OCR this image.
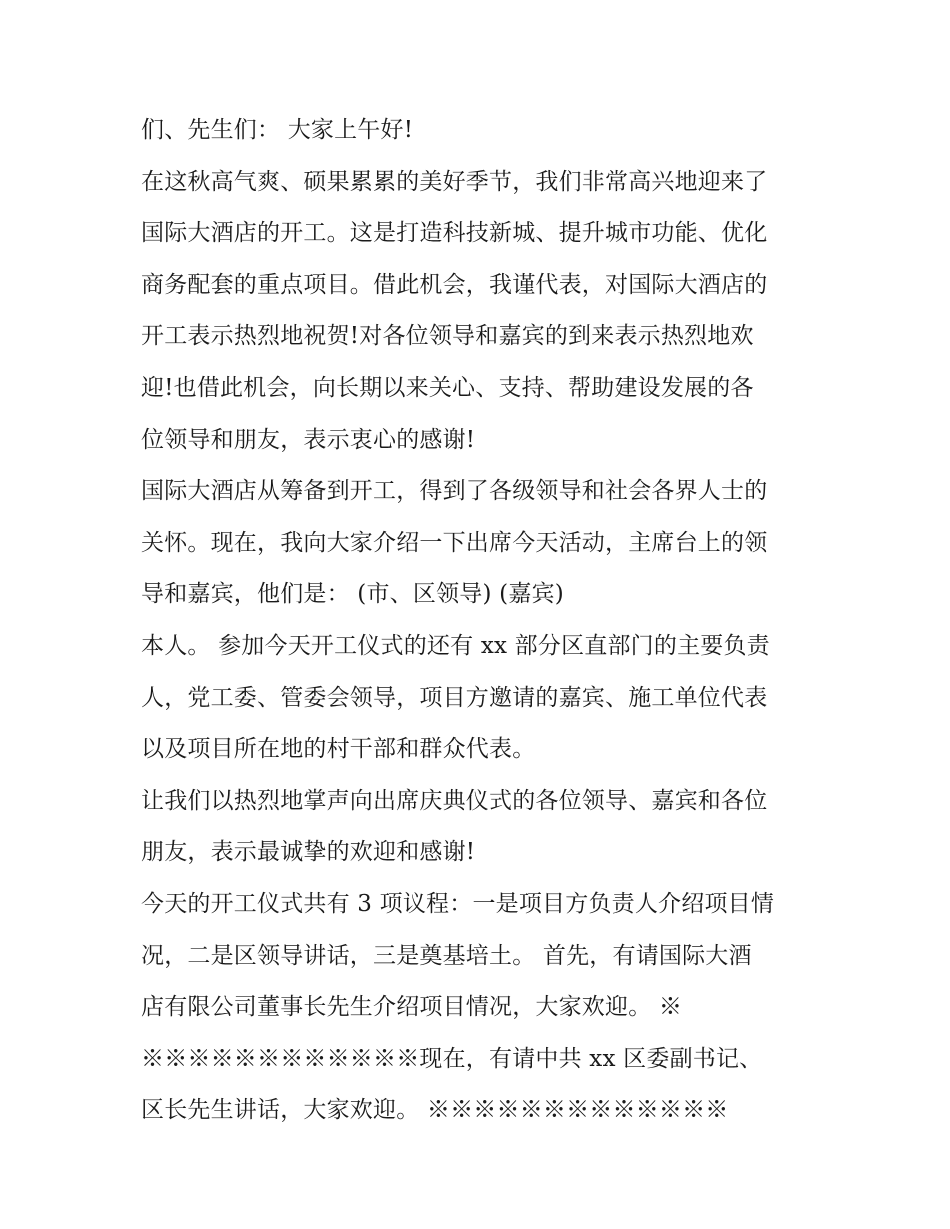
们、先生们： 大家上午好!
在这秋高气爽、硕果累累的美好季节，我们非常高兴地迎来了
国际大酒店的开工。这是打造科技新城、提升城市功能、优化
商务配套的重点项目。借此机会，我谨代表，对国际大酒店的
开工表示热烈地祝贺!对各位领导和嘉宾的到来表示热烈地欢
迎!也借此机会，向长期以来关心、支持、帮助建设发展的各
位领导和朋友，表示衷心的感谢!
国际大酒店从筹备到开工，得到了各级领导和社会各界人士的
关怀。现在，我向大家介绍一下出席今天活动，主席台上的领
导和嘉宾，他们是： (市、区领导) (嘉宾)
本人。 参加今天开工仪式的还有 xx 部分区直部门的主要负责
人，党工委、管委会领导，项目方邀请的嘉宾、施工单位代表
以及项目所在地的村干部和群众代表。
让我们以热烈地掌声向出席庆典仪式的各位领导、嘉宾和各位
朋友，表示最诚挚的欢迎和感谢!
今天的开工仪式共有 3 项议程：一是项目方负责人介绍项目情
况，二是区领导讲话，三是奠基培土。 首先，有请国际大酒
店有限公司董事长先生介绍项目情况，大家欢迎。 ※
※※※※※※※※※※※※现在，有请中共 xx 区委副书记、
区长先生讲话，大家欢迎。 ※※※※※※※※※※※※※
